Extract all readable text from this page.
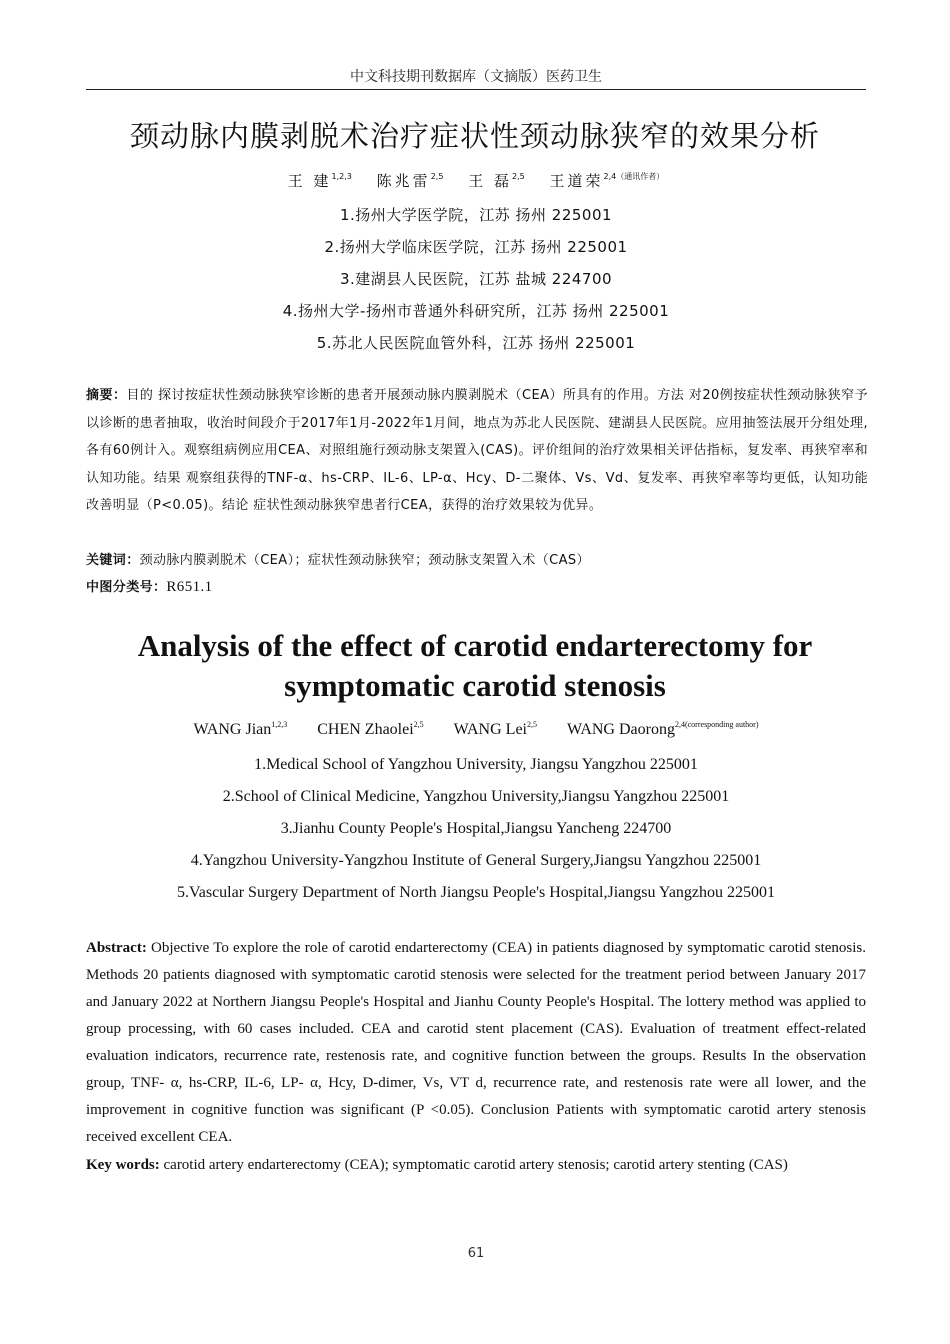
中文科技期刊数据库（文摘版）医药卫生
颈动脉内膜剥脱术治疗症状性颈动脉狭窄的效果分析
王 建$^{1,2,3}$ 陈兆雷$^{2,5}$ 王 磊$^{2,5}$ 王道荣$^{2,4(通讯作者)}$
1.扬州大学医学院，江苏 扬州 225001
2.扬州大学临床医学院，江苏 扬州 225001
3.建湖县人民医院，江苏 盐城 224700
4.扬州大学-扬州市普通外科研究所，江苏 扬州 225001
5.苏北人民医院血管外科，江苏 扬州 225001
摘要：目的 探讨按症状性颈动脉狭窄诊断的患者开展颈动脉内膜剥脱术（CEA）所具有的作用。方法 对20例按症状性颈动脉狭窄予以诊断的患者抽取，收治时间段介于2017年1月-2022年1月间，地点为苏北人民医院、建湖县人民医院。应用抽签法展开分组处理,各有60例计入。观察组病例应用CEA、对照组施行颈动脉支架置入(CAS)。评价组间的治疗效果相关评估指标，复发率、再狭窄率和认知功能。结果 观察组获得的TNF-α、hs-CRP、IL-6、LP-α、Hcy、D-二聚体、Vs、Vd、复发率、再狭窄率等均更低，认知功能改善明显（P<0.05)。结论 症状性颈动脉狭窄患者行CEA，获得的治疗效果较为优异。
关键词：颈动脉内膜剥脱术（CEA）；症状性颈动脉狭窄；颈动脉支架置入术（CAS）
中图分类号：R651.1
Analysis of the effect of carotid endarterectomy for
symptomatic carotid stenosis
WANG Jian$^{1,2,3}$ CHEN Zhaolei$^{2,5}$ WANG Lei$^{2,5}$ WANG Daorong$^{2,4(corresponding author)}$
1.Medical School of Yangzhou University, Jiangsu Yangzhou 225001
2.School of Clinical Medicine, Yangzhou University,Jiangsu Yangzhou 225001
3.Jianhu County People's Hospital,Jiangsu Yancheng 224700
4.Yangzhou University-Yangzhou Institute of General Surgery,Jiangsu Yangzhou 225001
5.Vascular Surgery Department of North Jiangsu People's Hospital,Jiangsu Yangzhou 225001
Abstract: Objective To explore the role of carotid endarterectomy (CEA) in patients diagnosed by symptomatic carotid stenosis. Methods 20 patients diagnosed with symptomatic carotid stenosis were selected for the treatment period between January 2017 and January 2022 at Northern Jiangsu People's Hospital and Jianhu County People's Hospital. The lottery method was applied to group processing, with 60 cases included. CEA and carotid stent placement (CAS). Evaluation of treatment effect-related evaluation indicators, recurrence rate, restenosis rate, and cognitive function between the groups. Results In the observation group, TNF- α, hs-CRP, IL-6, LP- α, Hcy, D-dimer, Vs, VT d, recurrence rate, and restenosis rate were all lower, and the improvement in cognitive function was significant (P <0.05). Conclusion Patients with symptomatic carotid artery stenosis received excellent CEA.
Key words: carotid artery endarterectomy (CEA); symptomatic carotid artery stenosis; carotid artery stenting (CAS)
61
